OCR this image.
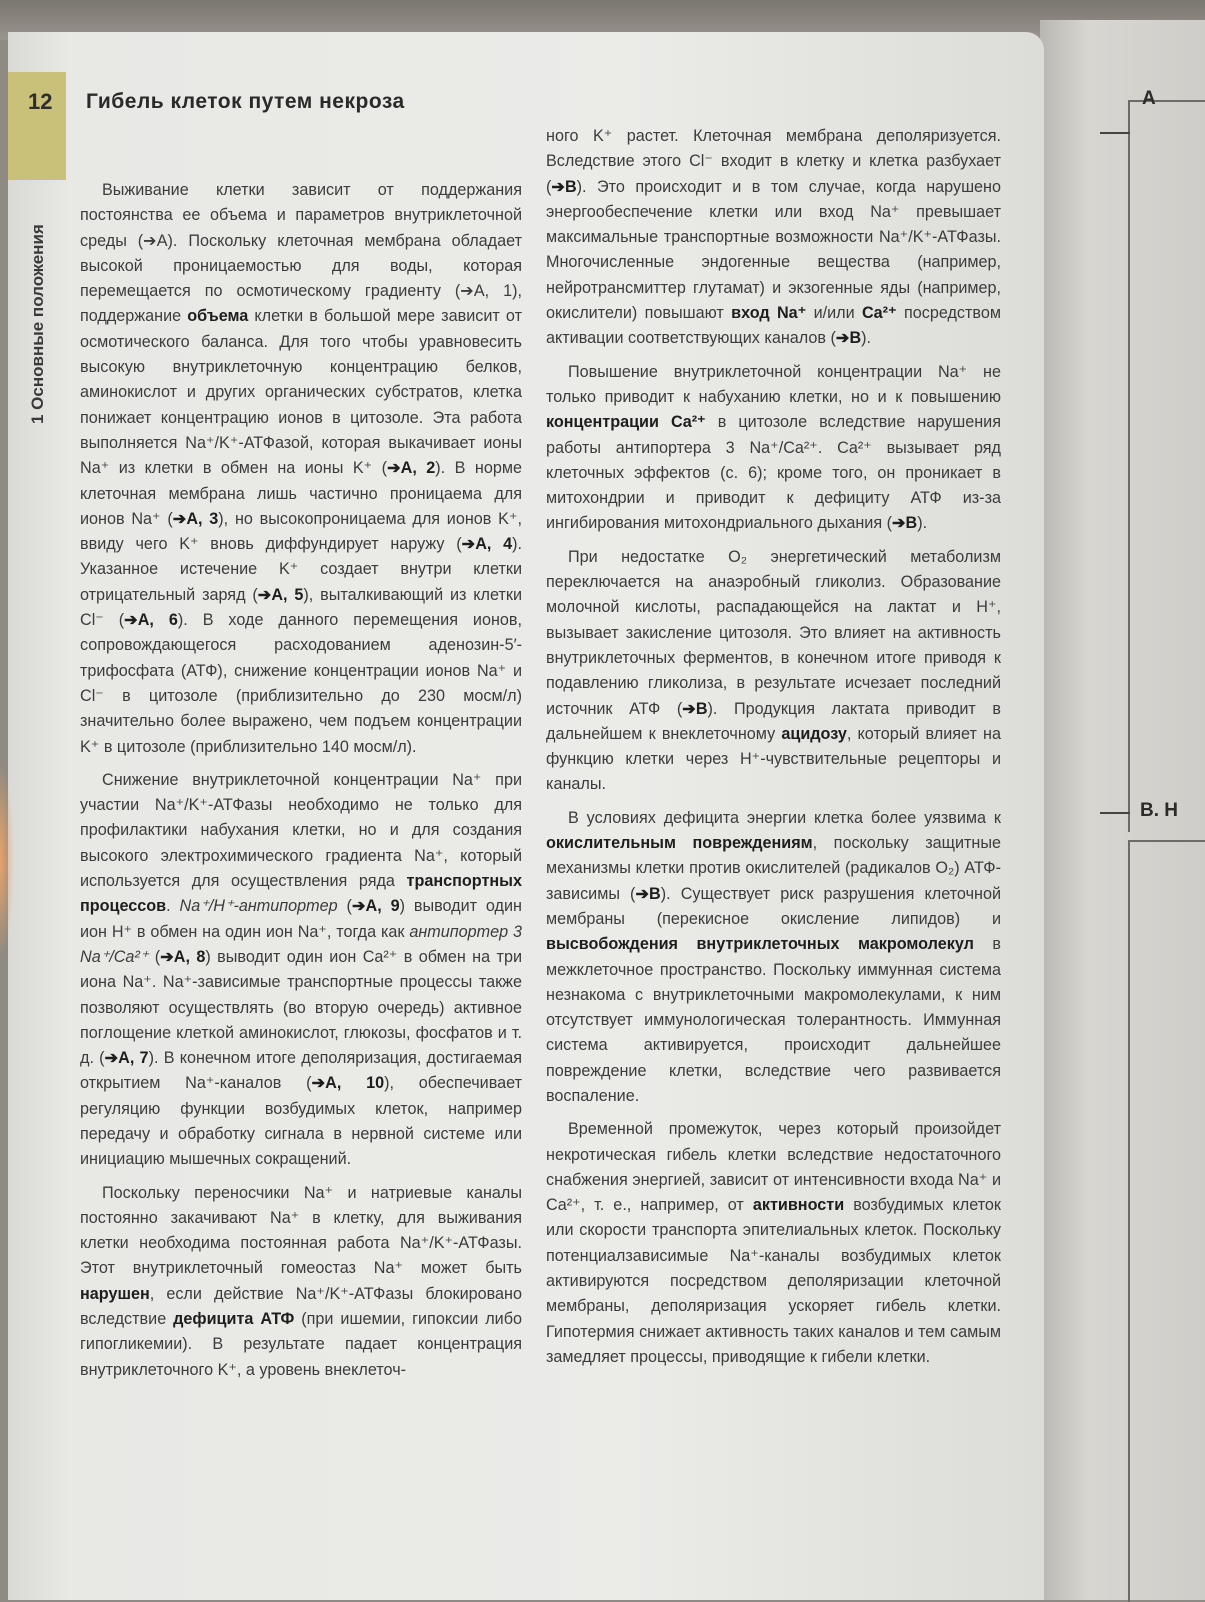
A
B. Н
12 Гибель клеток путем некроза
1 Основные положения

Выживание клетки зависит от поддержания постоянства ее объема и параметров внутриклеточной среды (➔A). Поскольку клеточная мембрана обладает высокой проницаемостью для воды, которая перемещается по осмотическому градиенту (➔A, 1), поддержание объема клетки в большой мере зависит от осмотического баланса. Для того чтобы уравновесить высокую внутриклеточную концентрацию белков, аминокислот и других органических субстратов, клетка понижает концентрацию ионов в цитозоле. Эта работа выполняется Na⁺/K⁺-АТФазой, которая выкачивает ионы Na⁺ из клетки в обмен на ионы K⁺ (➔A, 2). В норме клеточная мембрана лишь частично проницаема для ионов Na⁺ (➔A, 3), но высокопроницаема для ионов K⁺, ввиду чего K⁺ вновь диффундирует наружу (➔A, 4). Указанное истечение K⁺ создает внутри клетки отрицательный заряд (➔A, 5), выталкивающий из клетки Cl⁻ (➔A, 6). В ходе данного перемещения ионов, сопровождающегося расходованием аденозин-5′-трифосфата (АТФ), снижение концентрации ионов Na⁺ и Cl⁻ в цитозоле (приблизительно до 230 мосм/л) значительно более выражено, чем подъем концентрации K⁺ в цитозоле (приблизительно 140 мосм/л).

Снижение внутриклеточной концентрации Na⁺ при участии Na⁺/K⁺-АТФазы необходимо не только для профилактики набухания клетки, но и для создания высокого электрохимического градиента Na⁺, который используется для осуществления ряда транспортных процессов. Na⁺/H⁺-антипортер (➔A, 9) выводит один ион H⁺ в обмен на один ион Na⁺, тогда как антипортер 3 Na⁺/Ca²⁺ (➔A, 8) выводит один ион Ca²⁺ в обмен на три иона Na⁺. Na⁺-зависимые транспортные процессы также позволяют осуществлять (во вторую очередь) активное поглощение клеткой аминокислот, глюкозы, фосфатов и т. д. (➔A, 7). В конечном итоге деполяризация, достигаемая открытием Na⁺-каналов (➔A, 10), обеспечивает регуляцию функции возбудимых клеток, например передачу и обработку сигнала в нервной системе или инициацию мышечных сокращений.

Поскольку переносчики Na⁺ и натриевые каналы постоянно закачивают Na⁺ в клетку, для выживания клетки необходима постоянная работа Na⁺/K⁺-АТФазы. Этот внутриклеточный гомеостаз Na⁺ может быть нарушен, если действие Na⁺/K⁺-АТФазы блокировано вследствие дефицита АТФ (при ишемии, гипоксии либо гипогликемии). В результате падает концентрация внутриклеточного K⁺, а уровень внеклеточ-

ного K⁺ растет. Клеточная мембрана деполяризуется. Вследствие этого Cl⁻ входит в клетку и клетка разбухает (➔B). Это происходит и в том случае, когда нарушено энергообеспечение клетки или вход Na⁺ превышает максимальные транспортные возможности Na⁺/K⁺-АТФазы. Многочисленные эндогенные вещества (например, нейротрансмиттер глутамат) и экзогенные яды (например, окислители) повышают вход Na⁺ и/или Ca²⁺ посредством активации соответствующих каналов (➔B).

Повышение внутриклеточной концентрации Na⁺ не только приводит к набуханию клетки, но и к повышению концентрации Ca²⁺ в цитозоле вследствие нарушения работы антипортера 3 Na⁺/Ca²⁺. Ca²⁺ вызывает ряд клеточных эффектов (с. 6); кроме того, он проникает в митохондрии и приводит к дефициту АТФ из-за ингибирования митохондриального дыхания (➔B).

При недостатке O₂ энергетический метаболизм переключается на анаэробный гликолиз. Образование молочной кислоты, распадающейся на лактат и H⁺, вызывает закисление цитозоля. Это влияет на активность внутриклеточных ферментов, в конечном итоге приводя к подавлению гликолиза, в результате исчезает последний источник АТФ (➔B). Продукция лактата приводит в дальнейшем к внеклеточному ацидозу, который влияет на функцию клетки через H⁺-чувствительные рецепторы и каналы.

В условиях дефицита энергии клетка более уязвима к окислительным повреждениям, поскольку защитные механизмы клетки против окислителей (радикалов O₂) АТФ-зависимы (➔B). Существует риск разрушения клеточной мембраны (перекисное окисление липидов) и высвобождения внутриклеточных макромолекул в межклеточное пространство. Поскольку иммунная система незнакома с внутриклеточными макромолекулами, к ним отсутствует иммунологическая толерантность. Иммунная система активируется, происходит дальнейшее повреждение клетки, вследствие чего развивается воспаление.

Временной промежуток, через который произойдет некротическая гибель клетки вследствие недостаточного снабжения энергией, зависит от интенсивности входа Na⁺ и Ca²⁺, т. е., например, от активности возбудимых клеток или скорости транспорта эпителиальных клеток. Поскольку потенциалзависимые Na⁺-каналы возбудимых клеток активируются посредством деполяризации клеточной мембраны, деполяризация ускоряет гибель клетки. Гипотермия снижает активность таких каналов и тем самым замедляет процессы, приводящие к гибели клетки.
